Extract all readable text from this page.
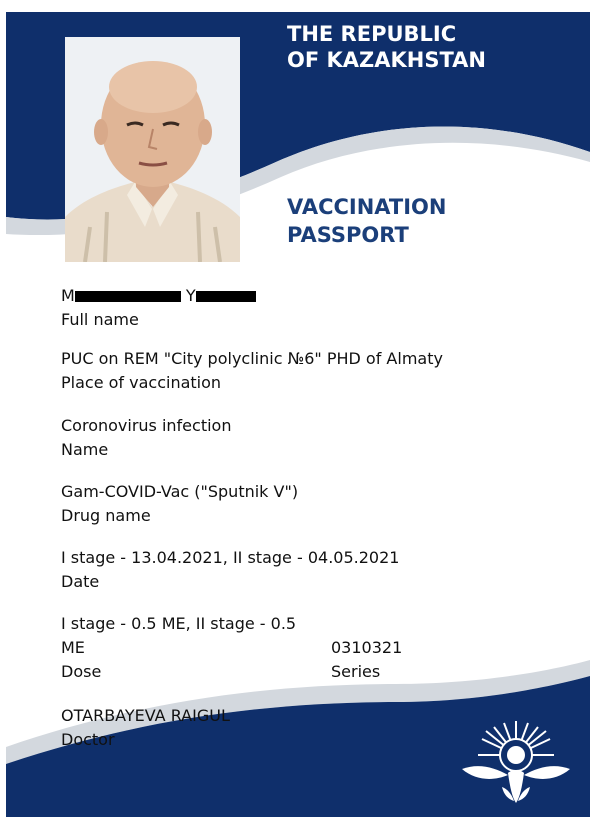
THE REPUBLIC
OF KAZAKHSTAN
VACCINATION
PASSPORT
M	Y
Full name
PUC on REM "City polyclinic №6" PHD of Almaty
Place of vaccination
Coronovirus infection
Name
Gam-COVID-Vac ("Sputnik V")
Drug name
I stage - 13.04.2021, II stage - 04.05.2021
Date
I stage - 0.5 ME, II stage - 0.5
ME
Dose
0310321
Series
OTARBAYEVA RAIGUL
Doctor
